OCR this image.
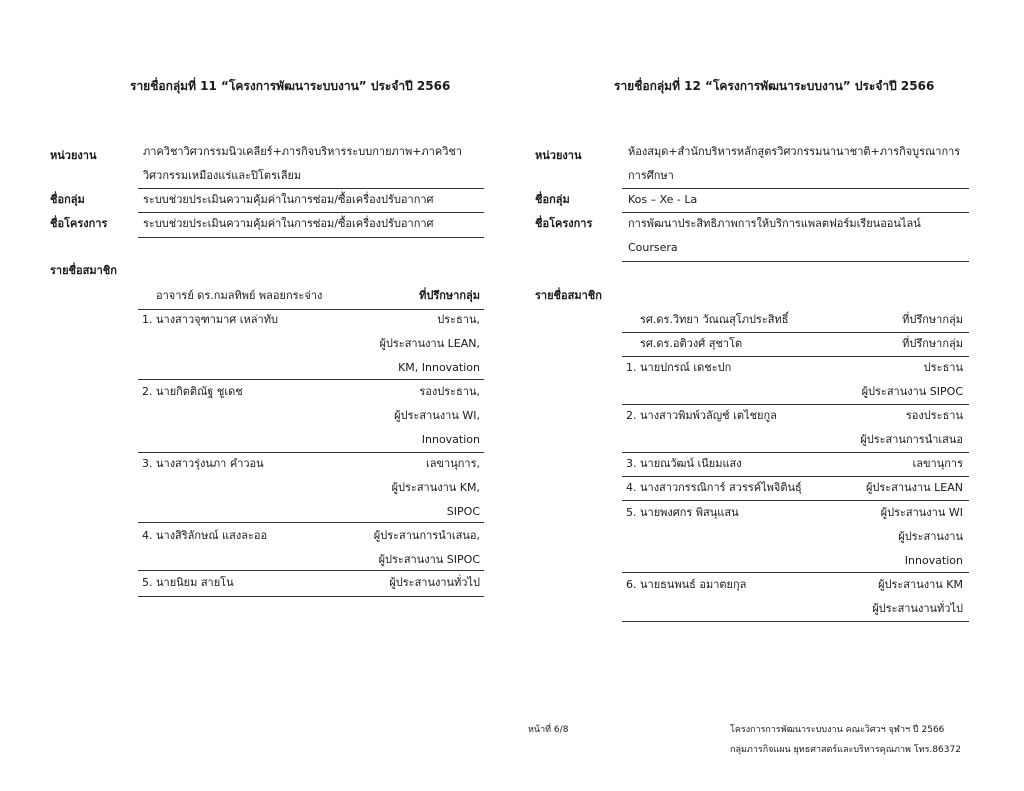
รายชื่อกลุ่มที่ 11 “โครงการพัฒนาระบบงาน” ประจำปี 2566
หน่วยงาน	ภาควิชาวิศวกรรมนิวเคลียร์+ภารกิจบริหารระบบกายภาพ+ภาควิชา
วิศวกรรมเหมืองแร่และปิโตรเลียม
ชื่อกลุ่ม	ระบบช่วยประเมินความคุ้มค่าในการซ่อม/ซื้อเครื่องปรับอากาศ
ชื่อโครงการ	ระบบช่วยประเมินความคุ้มค่าในการซ่อม/ซื้อเครื่องปรับอากาศ
รายชื่อสมาชิก
อาจารย์ ดร.กมลทิพย์ พลอยกระจ่าง	ที่ปรึกษากลุ่ม
1. นางสาวจุฑามาศ เหล่าทับ	ประธาน,
ผู้ประสานงาน LEAN,
KM, Innovation
2. นายกิตติณัฐ ชูเดช	รองประธาน,
ผู้ประสานงาน WI,
Innovation
3. นางสาวรุ่งนภา คำวอน	เลขานุการ,
ผู้ประสานงาน KM,
SIPOC
4. นางสิริลักษณ์ แสงละออ	ผู้ประสานการนำเสนอ,
ผู้ประสานงาน SIPOC
5. นายนิยม สายโน	ผู้ประสานงานทั่วไป
รายชื่อกลุ่มที่ 12 “โครงการพัฒนาระบบงาน” ประจำปี 2566
หน่วยงาน	ห้องสมุด+สำนักบริหารหลักสูตรวิศวกรรมนานาชาติ+ภารกิจบูรณาการ
การศึกษา
ชื่อกลุ่ม	Kos – Xe - La
ชื่อโครงการ	การพัฒนาประสิทธิภาพการให้บริการแพลตฟอร์มเรียนออนไลน์
Coursera
รายชื่อสมาชิก
รศ.ดร.วิทยา วัณณสุโภประสิทธิ์	ที่ปรึกษากลุ่ม
รศ.ดร.อติวงศ์ สุชาโต	ที่ปรึกษากลุ่ม
1. นายปกรณ์ เดชะปก	ประธาน
ผู้ประสานงาน SIPOC
2. นางสาวพิมพ์วลัญช์ เตไชยกูล	รองประธาน
ผู้ประสานการนำเสนอ
3. นายณวัฒน์ เนียมแสง	เลขานุการ
4. นางสาวกรรณิการ์ สวรรค์ไพจิตินธุ์	ผู้ประสานงาน LEAN
5. นายพงศกร พิสนุแสน	ผู้ประสานงาน WI
ผู้ประสานงาน
Innovation
6. นายธนพนธ์ อมาตยกุล	ผู้ประสานงาน KM
ผู้ประสานงานทั่วไป
หน้าที่ 6/8	โครงการการพัฒนาระบบงาน คณะวิศวฯ จุฬาฯ ปี 2566
กลุ่มภารกิจแผน ยุทธศาสตร์และบริหารคุณภาพ โทร.86372
